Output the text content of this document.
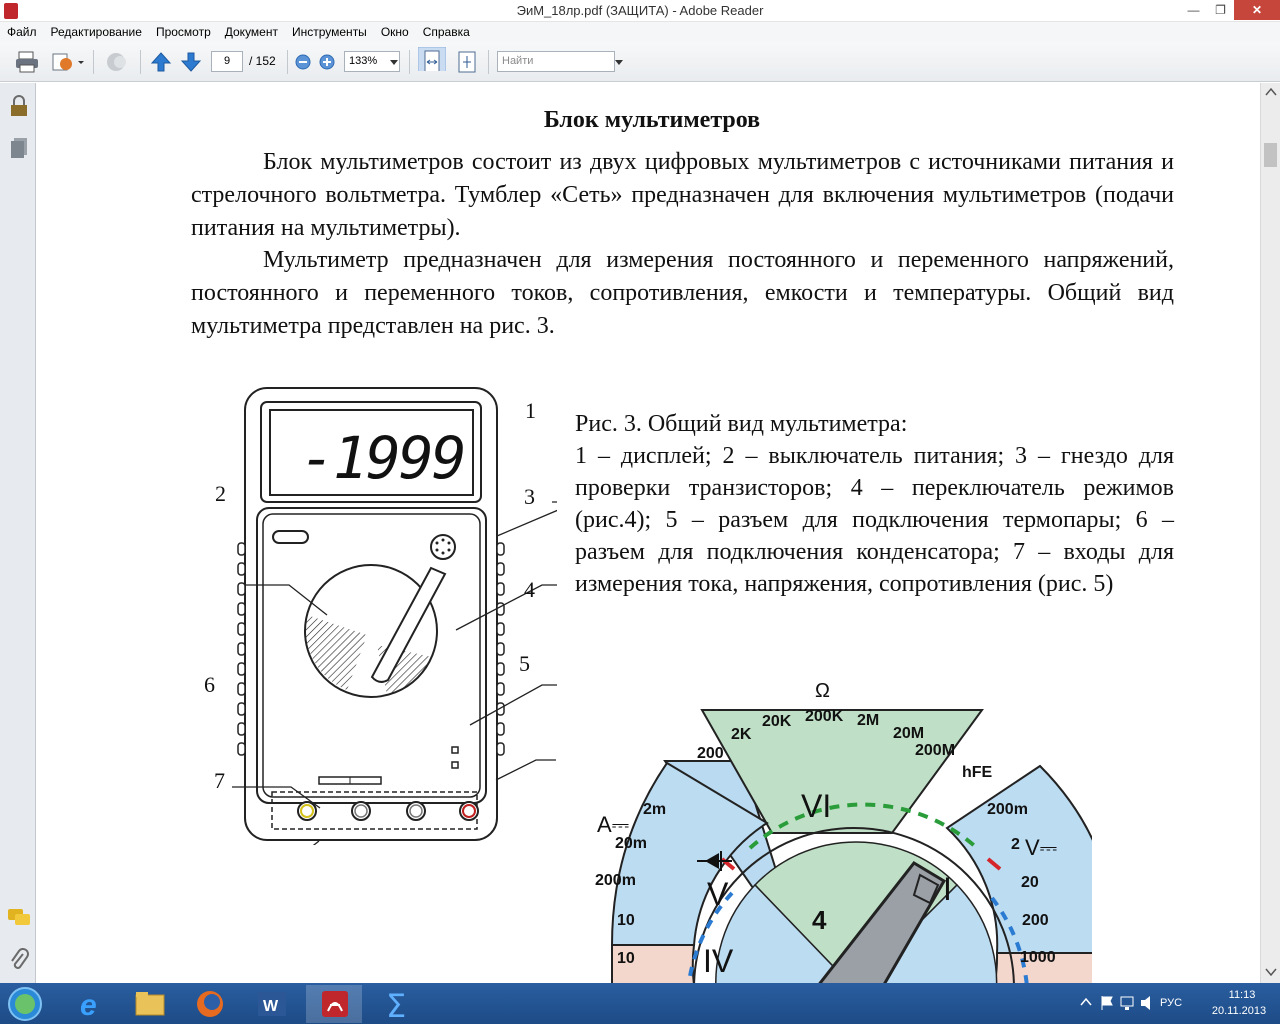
ЭиМ_18лр.pdf (ЗАЩИТА) - Adobe Reader	—	❐	✕
Файл Редактирование Просмотр Документ Инструменты Окно Справка
9	/ 152	133%	Найти
Блок мультиметров
Блок мультиметров состоит из двух цифровых мультиметров с источниками питания и стрелочного вольтметра. Тумблер «Сеть» предназначен для включения мультиметров (подачи питания на мультиметры).
Мультиметр предназначен для измерения постоянного и переменного напряжений, постоянного и переменного токов, сопротивления, емкости и температуры. Общий вид мультиметра представлен на рис. 3.
-1999
1
2	3
4
5
6
7
Рис. 3. Общий вид мультиметра:
1 – дисплей; 2 – выключатель питания; 3 – гнездо для проверки транзисторов; 4 – переключатель режимов (рис.4); 5 – разъем для подключения термопары; 6 – разъем для подключения конденсатора; 7 – входы для измерения тока, напряжения, сопротивления (рис. 5)
Ω
200
2K
20K 200K 2M
20M
200M
VI
V	I
IV
4
hFE
A⎓
2m
20m
200m
10
10
200m
2 V⎓
20
200
1000
e	W	Σ	РУС
11:13
20.11.2013
